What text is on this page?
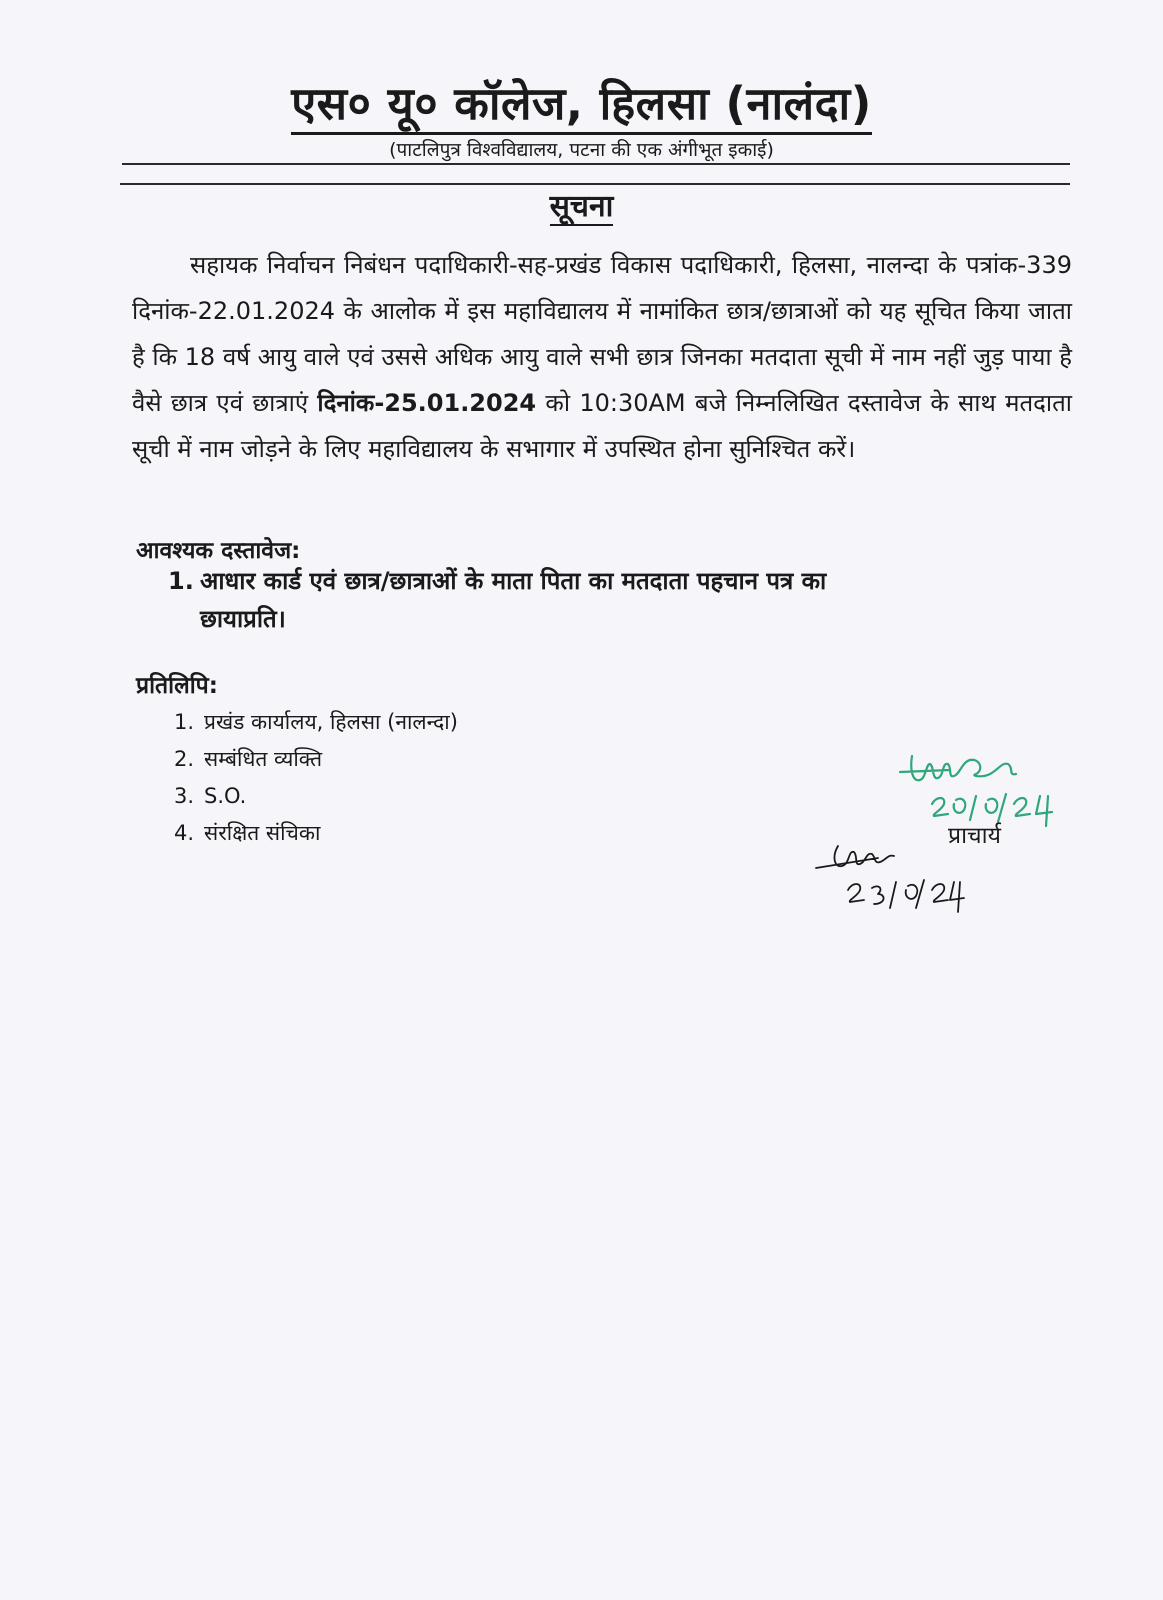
एस० यू० कॉलेज, हिलसा (नालंदा)
(पाटलिपुत्र विश्वविद्यालय, पटना की एक अंगीभूत इकाई)
सूचना

सहायक निर्वाचन निबंधन पदाधिकारी-सह-प्रखंड विकास पदाधिकारी, हिलसा, नालन्दा के पत्रांक-339 दिनांक-22.01.2024 के आलोक में इस महाविद्यालय में नामांकित छात्र/छात्राओं को यह सूचित किया जाता है कि 18 वर्ष आयु वाले एवं उससे अधिक आयु वाले सभी छात्र जिनका मतदाता सूची में नाम नहीं जुड़ पाया है वैसे छात्र एवं छात्राएं दिनांक-25.01.2024 को 10:30AM बजे निम्नलिखित दस्तावेज के साथ मतदाता सूची में नाम जोड़ने के लिए महाविद्यालय के सभागार में उपस्थित होना सुनिश्चित करें।

आवश्यक दस्तावेज:
1. आधार कार्ड एवं छात्र/छात्राओं के माता पिता का मतदाता पहचान पत्र का
छायाप्रति।
प्रतिलिपि:
1. प्रखंड कार्यालय, हिलसा (नालन्दा)
2. सम्बंधित व्यक्ति
3. S.O.
4. संरक्षित संचिका	प्राचार्य
